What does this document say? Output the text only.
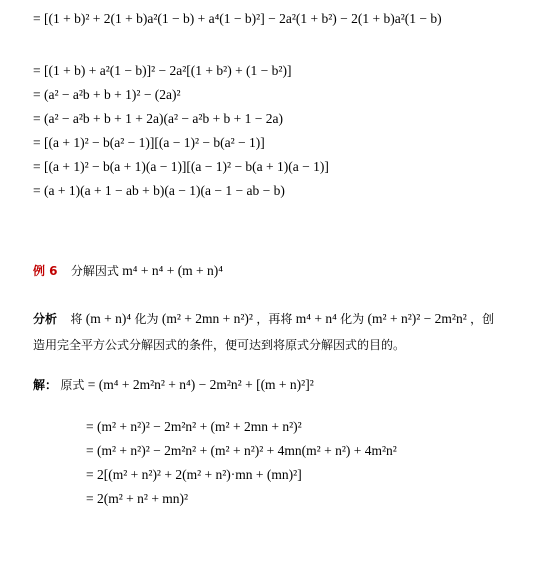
= [(1 + b)² + 2(1 + b)a²(1 − b) + a⁴(1 − b)²] − 2a²(1 + b²) − 2(1 + b)a²(1 − b)
= [(1 + b) + a²(1 − b)]² − 2a²[(1 + b²) + (1 − b²)]
= (a² − a²b + b + 1)² − (2a)²
= (a² − a²b + b + 1 + 2a)(a² − a²b + b + 1 − 2a)
= [(a + 1)² − b(a² − 1)][(a − 1)² − b(a² − 1)]
= [(a + 1)² − b(a + 1)(a − 1)][(a − 1)² − b(a + 1)(a − 1)]
= (a + 1)(a + 1 − ab + b)(a − 1)(a − 1 − ab − b)
例 6 分解因式 m⁴ + n⁴ + (m + n)⁴
分析 将 (m + n)⁴ 化为 (m² + 2mn + n²)² ，再将 m⁴ + n⁴ 化为 (m² + n²)² − 2m²n² ，创
造用完全平方公式分解因式的条件，便可达到将原式分解因式的目的。
解： 原式 = (m⁴ + 2m²n² + n⁴) − 2m²n² + [(m + n)²]²
= (m² + n²)² − 2m²n² + (m² + 2mn + n²)²
= (m² + n²)² − 2m²n² + (m² + n²)² + 4mn(m² + n²) + 4m²n²
= 2[(m² + n²)² + 2(m² + n²)·mn + (mn)²]
= 2(m² + n² + mn)²
